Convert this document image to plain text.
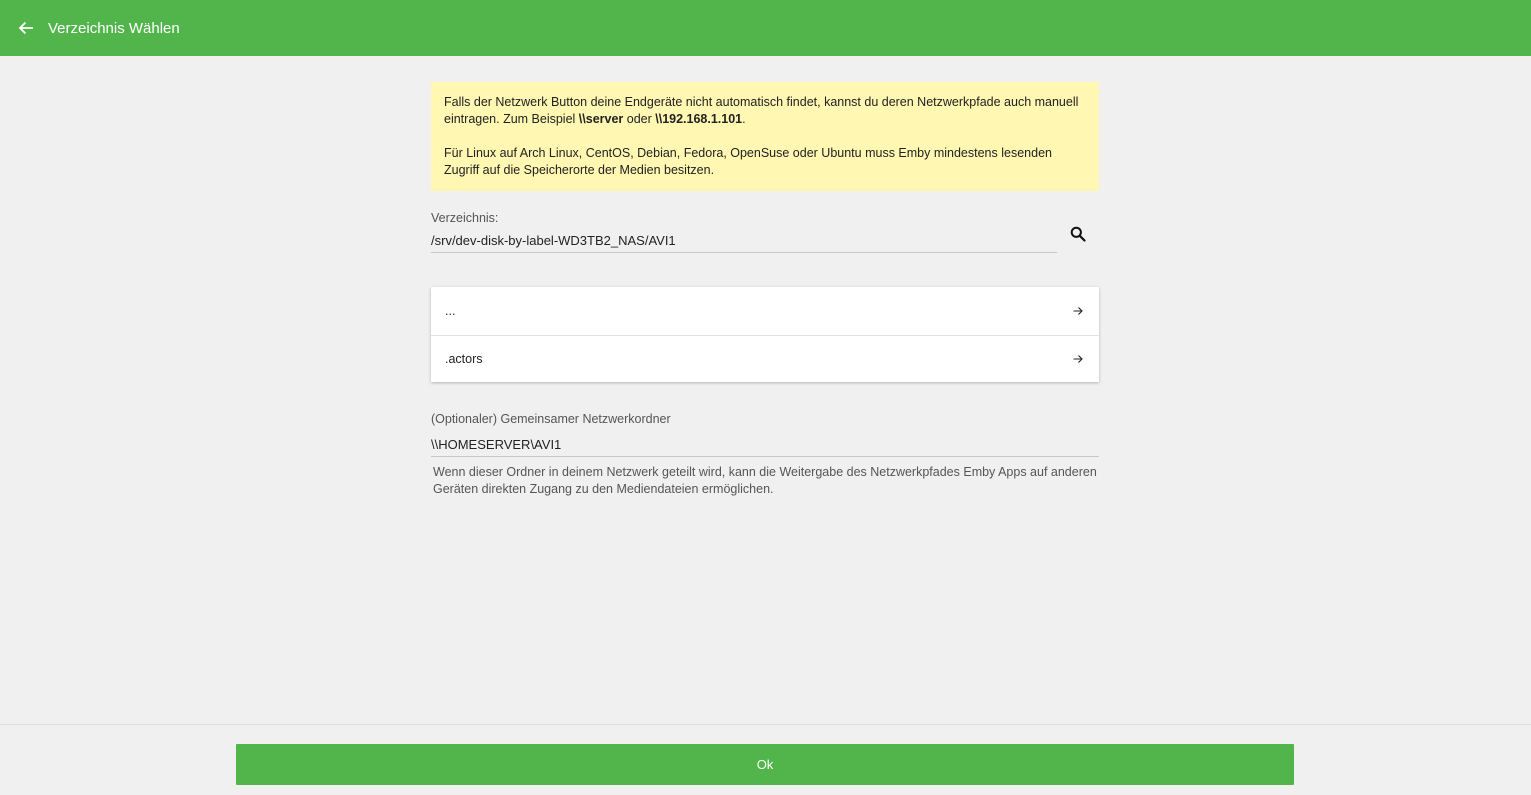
Verzeichnis Wählen

Falls der Netzwerk Button deine Endgeräte nicht automatisch findet, kannst du deren Netzwerkpfade auch manuell eintragen. Zum Beispiel \\server oder \\192.168.1.101.

Für Linux auf Arch Linux, CentOS, Debian, Fedora, OpenSuse oder Ubuntu muss Emby mindestens lesenden Zugriff auf die Speicherorte der Medien besitzen.

Verzeichnis:
/srv/dev-disk-by-label-WD3TB2_NAS/AVI1
...
.actors
(Optionaler) Gemeinsamer Netzwerkordner
\\HOMESERVER\AVI1
Wenn dieser Ordner in deinem Netzwerk geteilt wird, kann die Weitergabe des Netzwerkpfades Emby Apps auf anderen Geräten direkten Zugang zu den Mediendateien ermöglichen.
Ok
